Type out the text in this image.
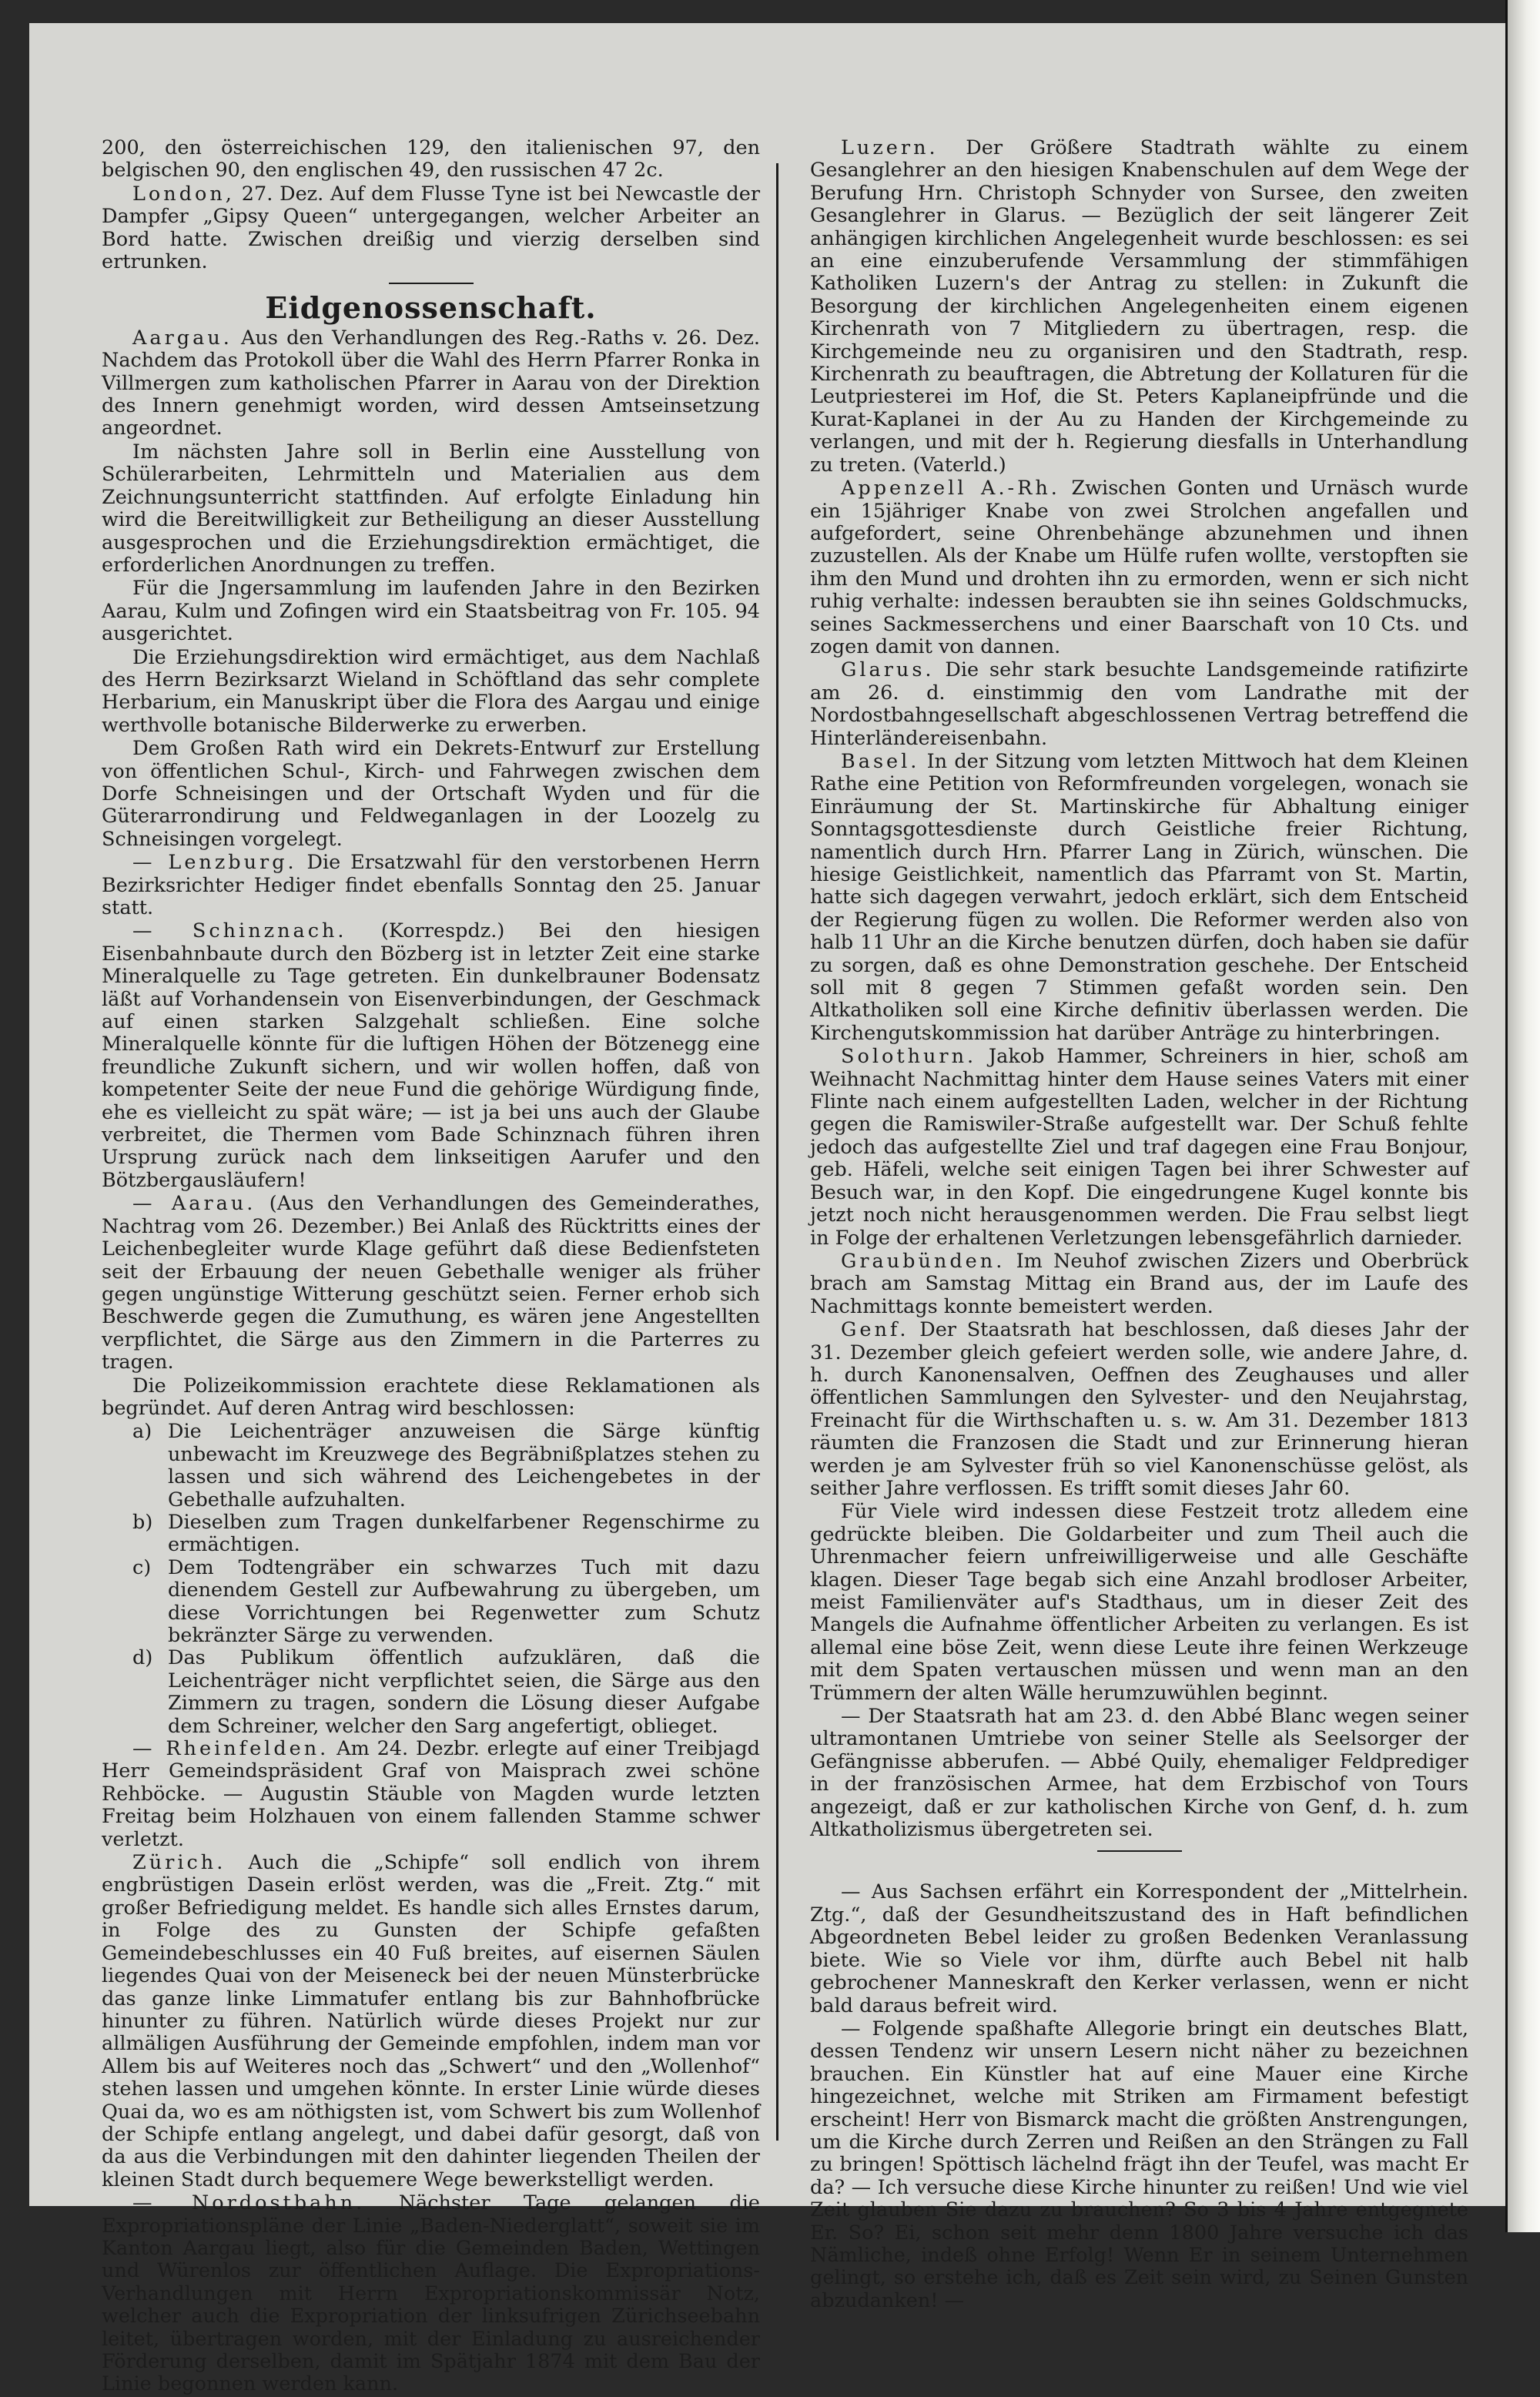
200, den österreichischen 129, den italienischen 97, den belgischen 90, den englischen 49, den russischen 47 2c.

London, 27. Dez. Auf dem Flusse Tyne ist bei Newcastle der Dampfer „Gipsy Queen“ untergegangen, welcher Arbeiter an Bord hatte. Zwischen dreißig und vierzig derselben sind ertrunken.

Eidgenossenschaft.

Aargau. Aus den Verhandlungen des Reg.-Raths v. 26. Dez. Nachdem das Protokoll über die Wahl des Herrn Pfarrer Ronka in Villmergen zum katholischen Pfarrer in Aarau von der Direktion des Innern genehmigt worden, wird dessen Amtseinsetzung angeordnet.

Im nächsten Jahre soll in Berlin eine Ausstellung von Schülerarbeiten, Lehrmitteln und Materialien aus dem Zeichnungsunterricht stattfinden. Auf erfolgte Einladung hin wird die Bereitwilligkeit zur Betheiligung an dieser Ausstellung ausgesprochen und die Erziehungsdirektion ermächtiget, die erforderlichen Anordnungen zu treffen.

Für die Jngersammlung im laufenden Jahre in den Bezirken Aarau, Kulm und Zofingen wird ein Staatsbeitrag von Fr. 105. 94 ausgerichtet.

Die Erziehungsdirektion wird ermächtiget, aus dem Nachlaß des Herrn Bezirksarzt Wieland in Schöftland das sehr complete Herbarium, ein Manuskript über die Flora des Aargau und einige werthvolle botanische Bilderwerke zu erwerben.

Dem Großen Rath wird ein Dekrets-Entwurf zur Erstellung von öffentlichen Schul-, Kirch- und Fahrwegen zwischen dem Dorfe Schneisingen und der Ortschaft Wyden und für die Güterarrondirung und Feldweganlagen in der Loozelg zu Schneisingen vorgelegt.

— Lenzburg. Die Ersatzwahl für den verstorbenen Herrn Bezirksrichter Hediger findet ebenfalls Sonntag den 25. Januar statt.

— Schinznach. (Korrespdz.) Bei den hiesigen Eisenbahnbaute durch den Bözberg ist in letzter Zeit eine starke Mineralquelle zu Tage getreten. Ein dunkelbrauner Bodensatz läßt auf Vorhandensein von Eisenverbindungen, der Geschmack auf einen starken Salzgehalt schließen. Eine solche Mineralquelle könnte für die luftigen Höhen der Bötzenegg eine freundliche Zukunft sichern, und wir wollen hoffen, daß von kompetenter Seite der neue Fund die gehörige Würdigung finde, ehe es vielleicht zu spät wäre; — ist ja bei uns auch der Glaube verbreitet, die Thermen vom Bade Schinznach führen ihren Ursprung zurück nach dem linkseitigen Aarufer und den Bötzbergausläufern!

— Aarau. (Aus den Verhandlungen des Gemeinderathes, Nachtrag vom 26. Dezember.) Bei Anlaß des Rücktritts eines der Leichenbegleiter wurde Klage geführt daß diese Bedienfsteten seit der Erbauung der neuen Gebethalle weniger als früher gegen ungünstige Witterung geschützt seien. Ferner erhob sich Beschwerde gegen die Zumuthung, es wären jene Angestellten verpflichtet, die Särge aus den Zimmern in die Parterres zu tragen.

Die Polizeikommission erachtete diese Reklamationen als begründet. Auf deren Antrag wird beschlossen:

a) Die Leichenträger anzuweisen die Särge künftig unbewacht im Kreuzwege des Begräbnißplatzes stehen zu lassen und sich während des Leichengebetes in der Gebethalle aufzuhalten.
b) Dieselben zum Tragen dunkelfarbener Regenschirme zu ermächtigen.
c) Dem Todtengräber ein schwarzes Tuch mit dazu dienendem Gestell zur Aufbewahrung zu übergeben, um diese Vorrichtungen bei Regenwetter zum Schutz bekränzter Särge zu verwenden.
d) Das Publikum öffentlich aufzuklären, daß die Leichenträger nicht verpflichtet seien, die Särge aus den Zimmern zu tragen, sondern die Lösung dieser Aufgabe dem Schreiner, welcher den Sarg angefertigt, oblieget.

— Rheinfelden. Am 24. Dezbr. erlegte auf einer Treibjagd Herr Gemeindspräsident Graf von Maisprach zwei schöne Rehböcke. — Augustin Stäuble von Magden wurde letzten Freitag beim Holzhauen von einem fallenden Stamme schwer verletzt.

Zürich. Auch die „Schipfe“ soll endlich von ihrem engbrüstigen Dasein erlöst werden, was die „Freit. Ztg.“ mit großer Befriedigung meldet. Es handle sich alles Ernstes darum, in Folge des zu Gunsten der Schipfe gefaßten Gemeindebeschlusses ein 40 Fuß breites, auf eisernen Säulen liegendes Quai von der Meiseneck bei der neuen Münsterbrücke das ganze linke Limmatufer entlang bis zur Bahnhofbrücke hinunter zu führen. Natürlich würde dieses Projekt nur zur allmäligen Ausführung der Gemeinde empfohlen, indem man vor Allem bis auf Weiteres noch das „Schwert“ und den „Wollenhof“ stehen lassen und umgehen könnte. In erster Linie würde dieses Quai da, wo es am nöthigsten ist, vom Schwert bis zum Wollenhof der Schipfe entlang angelegt, und dabei dafür gesorgt, daß von da aus die Verbindungen mit den dahinter liegenden Theilen der kleinen Stadt durch bequemere Wege bewerkstelligt werden.

— Nordostbahn. Nächster Tage gelangen die Expropriationspläne der Linie „Baden-Niederglatt“, soweit sie im Kanton Aargau liegt, also für die Gemeinden Baden, Wettingen und Würenlos zur öffentlichen Auflage. Die Expropriations-Verhandlungen mit Herrn Expropriationskommissär Notz, welcher auch die Expropriation der linksufrigen Zürichseebahn leitet, übertragen worden, mit der Einladung zu ausreichender Förderung derselben, damit im Spätjahr 1874 mit dem Bau der Linie begonnen werden kann.

Luzern. Der Größere Stadtrath wählte zu einem Gesanglehrer an den hiesigen Knabenschulen auf dem Wege der Berufung Hrn. Christoph Schnyder von Sursee, den zweiten Gesanglehrer in Glarus. — Bezüglich der seit längerer Zeit anhängigen kirchlichen Angelegenheit wurde beschlossen: es sei an eine einzuberufende Versammlung der stimmfähigen Katholiken Luzern's der Antrag zu stellen: in Zukunft die Besorgung der kirchlichen Angelegenheiten einem eigenen Kirchenrath von 7 Mitgliedern zu übertragen, resp. die Kirchgemeinde neu zu organisiren und den Stadtrath, resp. Kirchenrath zu beauftragen, die Abtretung der Kollaturen für die Leutpriesterei im Hof, die St. Peters Kaplaneipfründe und die Kurat-Kaplanei in der Au zu Handen der Kirchgemeinde zu verlangen, und mit der h. Regierung diesfalls in Unterhandlung zu treten. (Vaterld.)

Appenzell A.-Rh. Zwischen Gonten und Urnäsch wurde ein 15jähriger Knabe von zwei Strolchen angefallen und aufgefordert, seine Ohrenbehänge abzunehmen und ihnen zuzustellen. Als der Knabe um Hülfe rufen wollte, verstopften sie ihm den Mund und drohten ihn zu ermorden, wenn er sich nicht ruhig verhalte: indessen beraubten sie ihn seines Goldschmucks, seines Sackmesserchens und einer Baarschaft von 10 Cts. und zogen damit von dannen.

Glarus. Die sehr stark besuchte Landsgemeinde ratifizirte am 26. d. einstimmig den vom Landrathe mit der Nordostbahngesellschaft abgeschlossenen Vertrag betreffend die Hinterländereisenbahn.

Basel. In der Sitzung vom letzten Mittwoch hat dem Kleinen Rathe eine Petition von Reformfreunden vorgelegen, wonach sie Einräumung der St. Martinskirche für Abhaltung einiger Sonntagsgottesdienste durch Geistliche freier Richtung, namentlich durch Hrn. Pfarrer Lang in Zürich, wünschen. Die hiesige Geistlichkeit, namentlich das Pfarramt von St. Martin, hatte sich dagegen verwahrt, jedoch erklärt, sich dem Entscheid der Regierung fügen zu wollen. Die Reformer werden also von halb 11 Uhr an die Kirche benutzen dürfen, doch haben sie dafür zu sorgen, daß es ohne Demonstration geschehe. Der Entscheid soll mit 8 gegen 7 Stimmen gefaßt worden sein. Den Altkatholiken soll eine Kirche definitiv überlassen werden. Die Kirchengutskommission hat darüber Anträge zu hinterbringen.

Solothurn. Jakob Hammer, Schreiners in hier, schoß am Weihnacht Nachmittag hinter dem Hause seines Vaters mit einer Flinte nach einem aufgestellten Laden, welcher in der Richtung gegen die Ramiswiler-Straße aufgestellt war. Der Schuß fehlte jedoch das aufgestellte Ziel und traf dagegen eine Frau Bonjour, geb. Häfeli, welche seit einigen Tagen bei ihrer Schwester auf Besuch war, in den Kopf. Die eingedrungene Kugel konnte bis jetzt noch nicht herausgenommen werden. Die Frau selbst liegt in Folge der erhaltenen Verletzungen lebensgefährlich darnieder.

Graubünden. Im Neuhof zwischen Zizers und Oberbrück brach am Samstag Mittag ein Brand aus, der im Laufe des Nachmittags konnte bemeistert werden.

Genf. Der Staatsrath hat beschlossen, daß dieses Jahr der 31. Dezember gleich gefeiert werden solle, wie andere Jahre, d. h. durch Kanonensalven, Oeffnen des Zeughauses und aller öffentlichen Sammlungen den Sylvester- und den Neujahrstag, Freinacht für die Wirthschaften u. s. w. Am 31. Dezember 1813 räumten die Franzosen die Stadt und zur Erinnerung hieran werden je am Sylvester früh so viel Kanonenschüsse gelöst, als seither Jahre verflossen. Es trifft somit dieses Jahr 60.

Für Viele wird indessen diese Festzeit trotz alledem eine gedrückte bleiben. Die Goldarbeiter und zum Theil auch die Uhrenmacher feiern unfreiwilligerweise und alle Geschäfte klagen. Dieser Tage begab sich eine Anzahl brodloser Arbeiter, meist Familienväter auf's Stadthaus, um in dieser Zeit des Mangels die Aufnahme öffentlicher Arbeiten zu verlangen. Es ist allemal eine böse Zeit, wenn diese Leute ihre feinen Werkzeuge mit dem Spaten vertauschen müssen und wenn man an den Trümmern der alten Wälle herumzuwühlen beginnt.

— Der Staatsrath hat am 23. d. den Abbé Blanc wegen seiner ultramontanen Umtriebe von seiner Stelle als Seelsorger der Gefängnisse abberufen. — Abbé Quily, ehemaliger Feldprediger in der französischen Armee, hat dem Erzbischof von Tours angezeigt, daß er zur katholischen Kirche von Genf, d. h. zum Altkatholizismus übergetreten sei.

— Aus Sachsen erfährt ein Korrespondent der „Mittelrhein. Ztg.“, daß der Gesundheitszustand des in Haft befindlichen Abgeordneten Bebel leider zu großen Bedenken Veranlassung biete. Wie so Viele vor ihm, dürfte auch Bebel nit halb gebrochener Manneskraft den Kerker verlassen, wenn er nicht bald daraus befreit wird.

— Folgende spaßhafte Allegorie bringt ein deutsches Blatt, dessen Tendenz wir unsern Lesern nicht näher zu bezeichnen brauchen. Ein Künstler hat auf eine Mauer eine Kirche hingezeichnet, welche mit Striken am Firmament befestigt erscheint! Herr von Bismarck macht die größten Anstrengungen, um die Kirche durch Zerren und Reißen an den Strängen zu Fall zu bringen! Spöttisch lächelnd frägt ihn der Teufel, was macht Er da? — Ich versuche diese Kirche hinunter zu reißen! Und wie viel Zeit glauben Sie dazu zu brauchen? So 3 bis 4 Jahre entgegnete Er. So? Ei, schon seit mehr denn 1800 Jahre versuche ich das Nämliche, indeß ohne Erfolg! Wenn Er in seinem Unternehmen gelingt, so erstehe ich, daß es Zeit sein wird, zu Seinen Gunsten abzudanken! —
